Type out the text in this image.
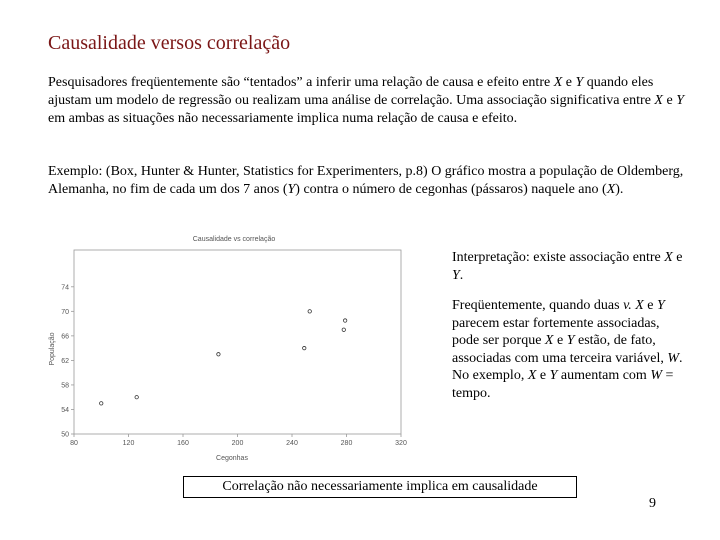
Causalidade versos correlação

Pesquisadores freqüentemente são “tentados” a inferir uma relação de causa e efeito entre X e Y quando eles ajustam um modelo de regressão ou realizam uma análise de correlação. Uma associação significativa entre X e Y em ambas as situações não necessariamente implica numa relação de causa e efeito.

Exemplo: (Box, Hunter & Hunter, Statistics for Experimenters, p.8) O gráfico mostra a população de Oldemberg, Alemanha, no fim de cada um dos 7 anos (Y) contra o número de cegonhas (pássaros) naquele ano (X).

Causalidade vs correlação
Cegonhas
População
80	120	160	200	240	280	320
50
54
58
62
66
70
74

Interpretação: existe associação entre X e Y.

Freqüentemente, quando duas v. X e Y parecem estar fortemente associadas, pode ser porque X e Y estão, de fato, associadas com uma terceira variável, W. No exemplo, X e Y aumentam com W = tempo.

Correlação não necessariamente implica em causalidade
9
